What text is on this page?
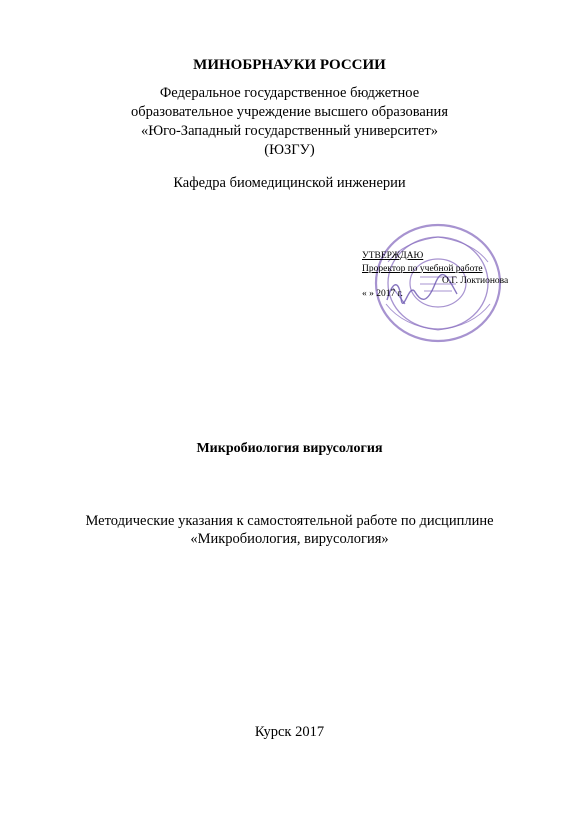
МИНОБРНАУКИ РОССИИ
Федеральное государственное бюджетное
образовательное учреждение высшего образования
«Юго-Западный государственный университет»
(ЮЗГУ)
Кафедра биомедицинской инженерии
УТВЕРЖДАЮ
Проректор по учебной работе
О.Г. Локтионова
« » 2017 г.
Микробиология вирусология
Методические указания к самостоятельной работе по дисциплине
«Микробиология, вирусология»
Курск 2017
